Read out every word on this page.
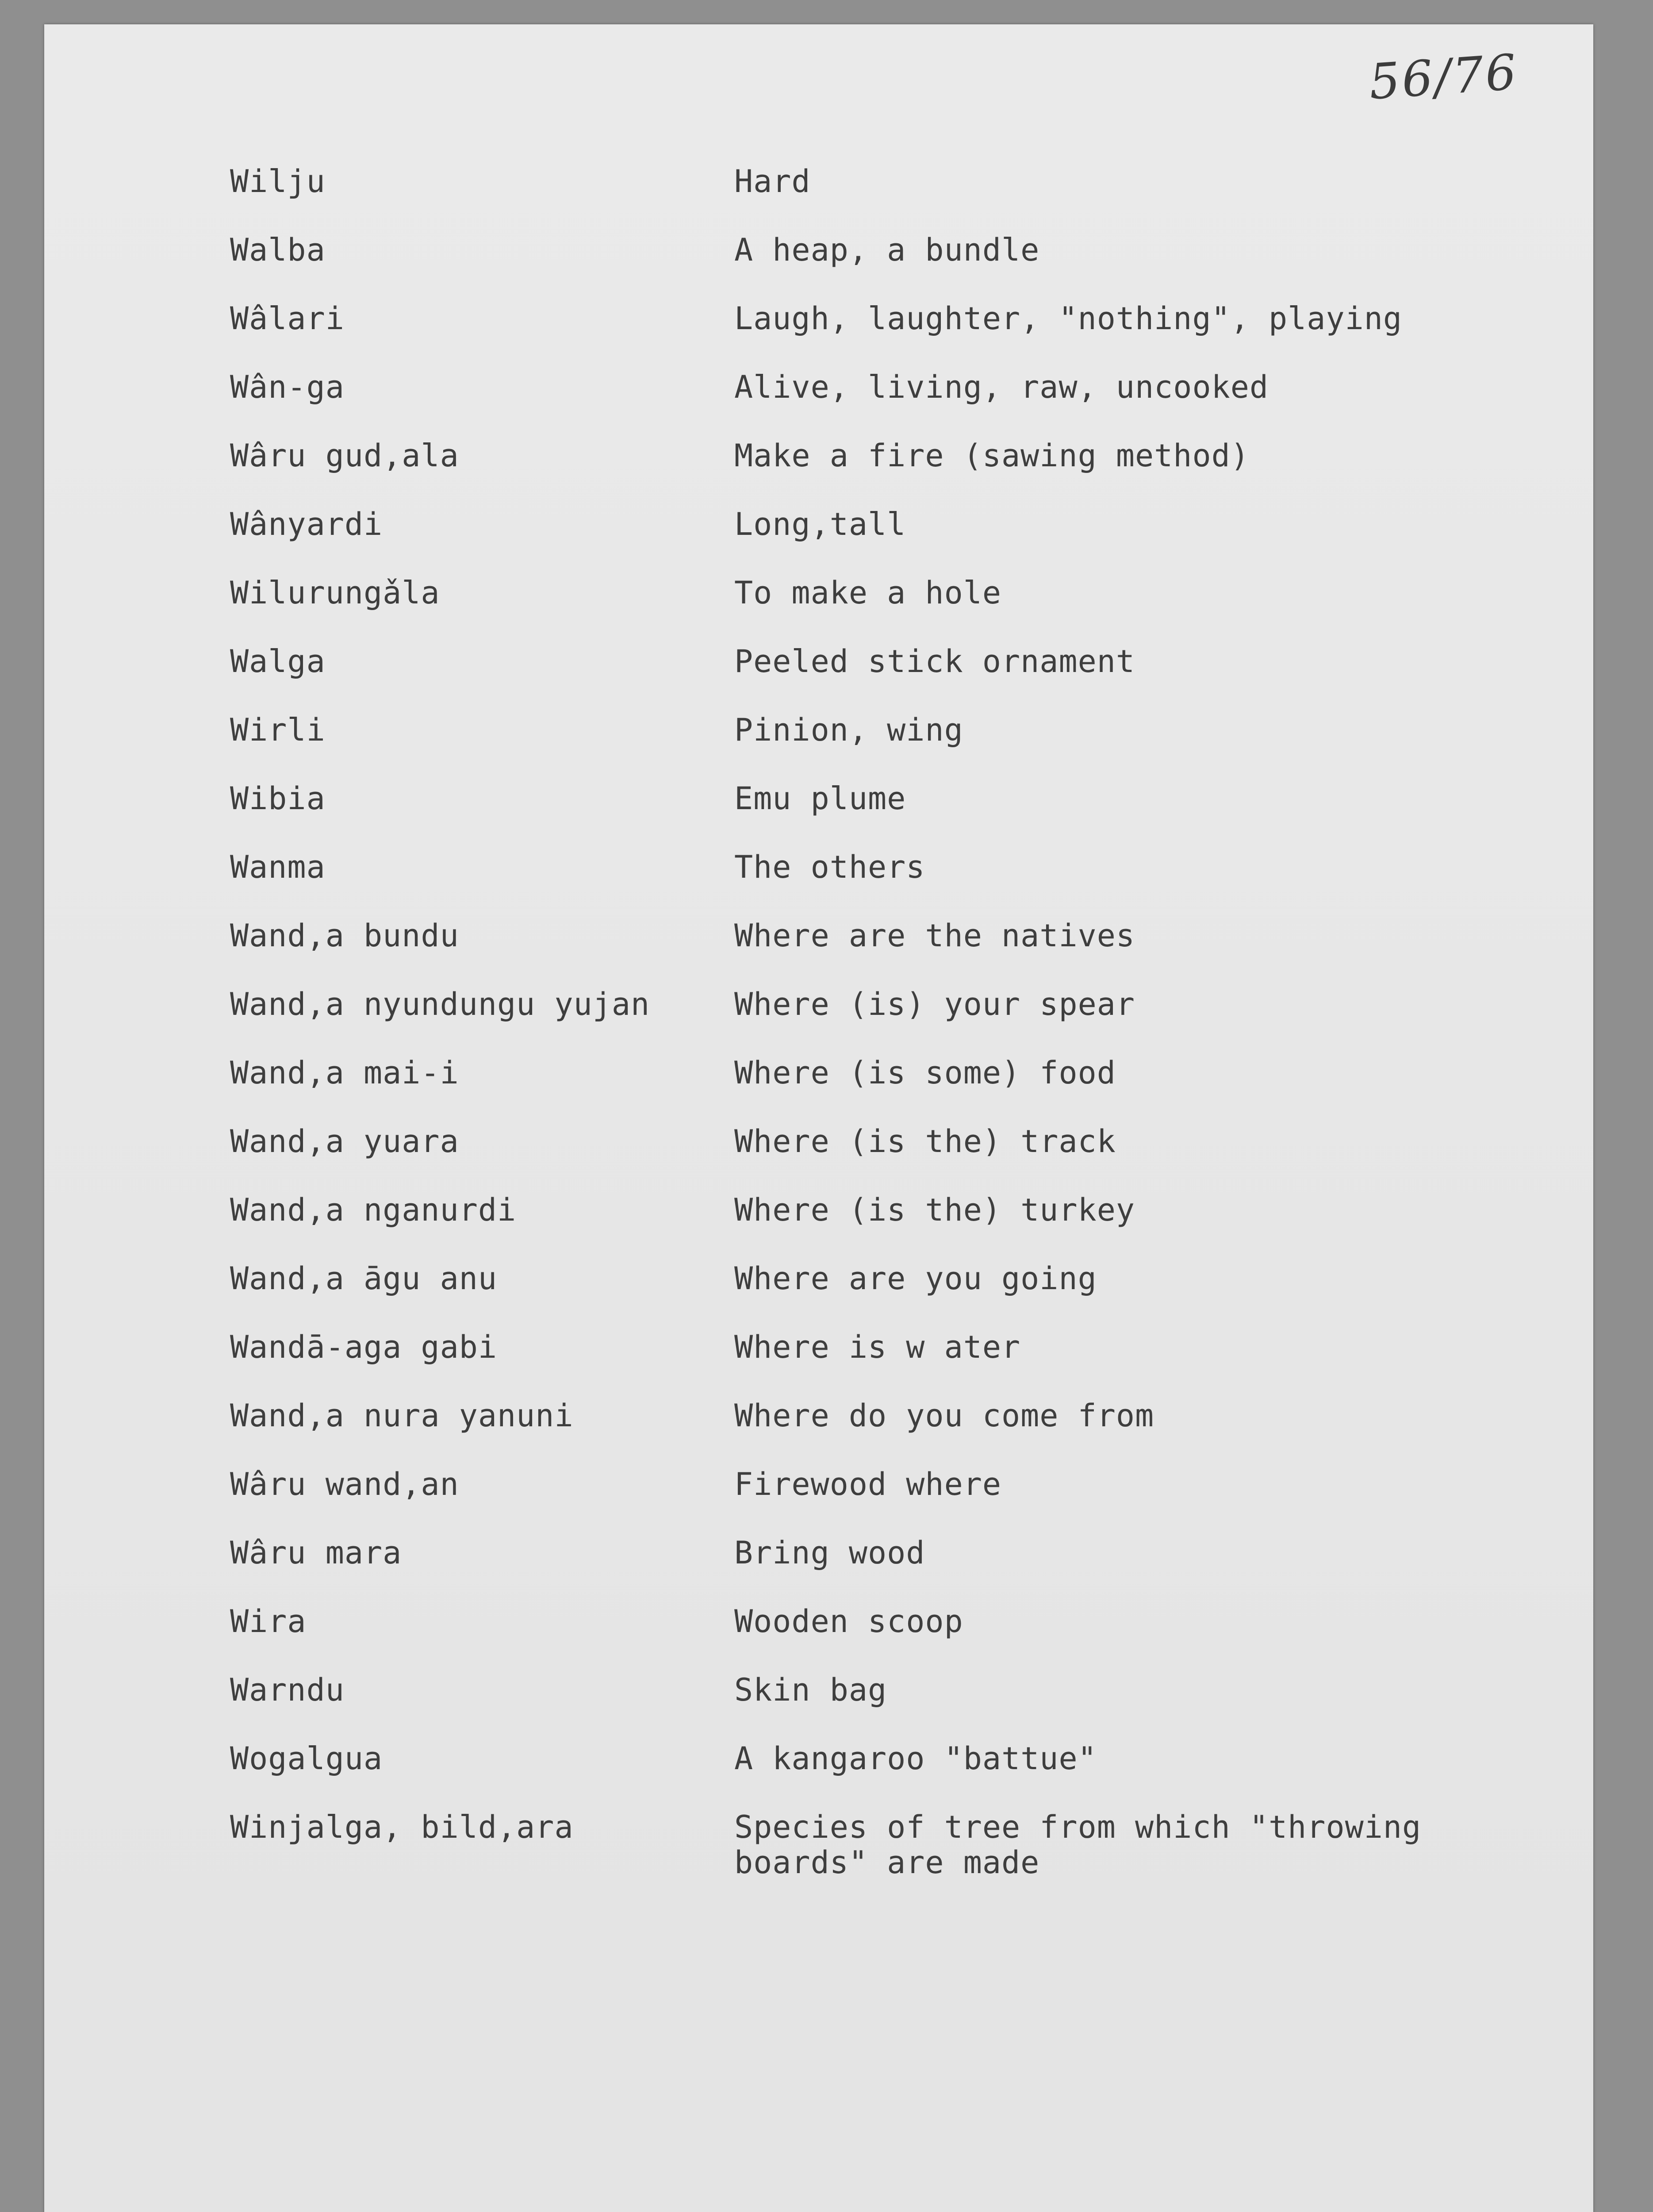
56/76
Wilju	Hard
Walba	A heap, a bundle
Wâlari	Laugh, laughter, "nothing", playing
Wân-ga	Alive, living, raw, uncooked
Wâru gud,ala	Make a fire (sawing method)
Wânyardi	Long,tall
Wilurungǎla	To make a hole
Walga	Peeled stick ornament
Wirli	Pinion, wing
Wibia	Emu plume
Wanma	The others
Wand,a bundu	Where are the natives
Wand,a nyundungu yujan	Where (is) your spear
Wand,a mai-i	Where (is some) food
Wand,a yuara	Where (is the) track
Wand,a nganurdi	Where (is the) turkey
Wand,a āgu anu	Where are you going
Wandā-aga gabi	Where is w ater
Wand,a nura yanuni	Where do you come from
Wâru wand,an	Firewood where
Wâru mara	Bring wood
Wira	Wooden scoop
Warndu	Skin bag
Wogalgua	A kangaroo "battue"
Winjalga, bild,ara	Species of tree from which "throwing
boards" are made
